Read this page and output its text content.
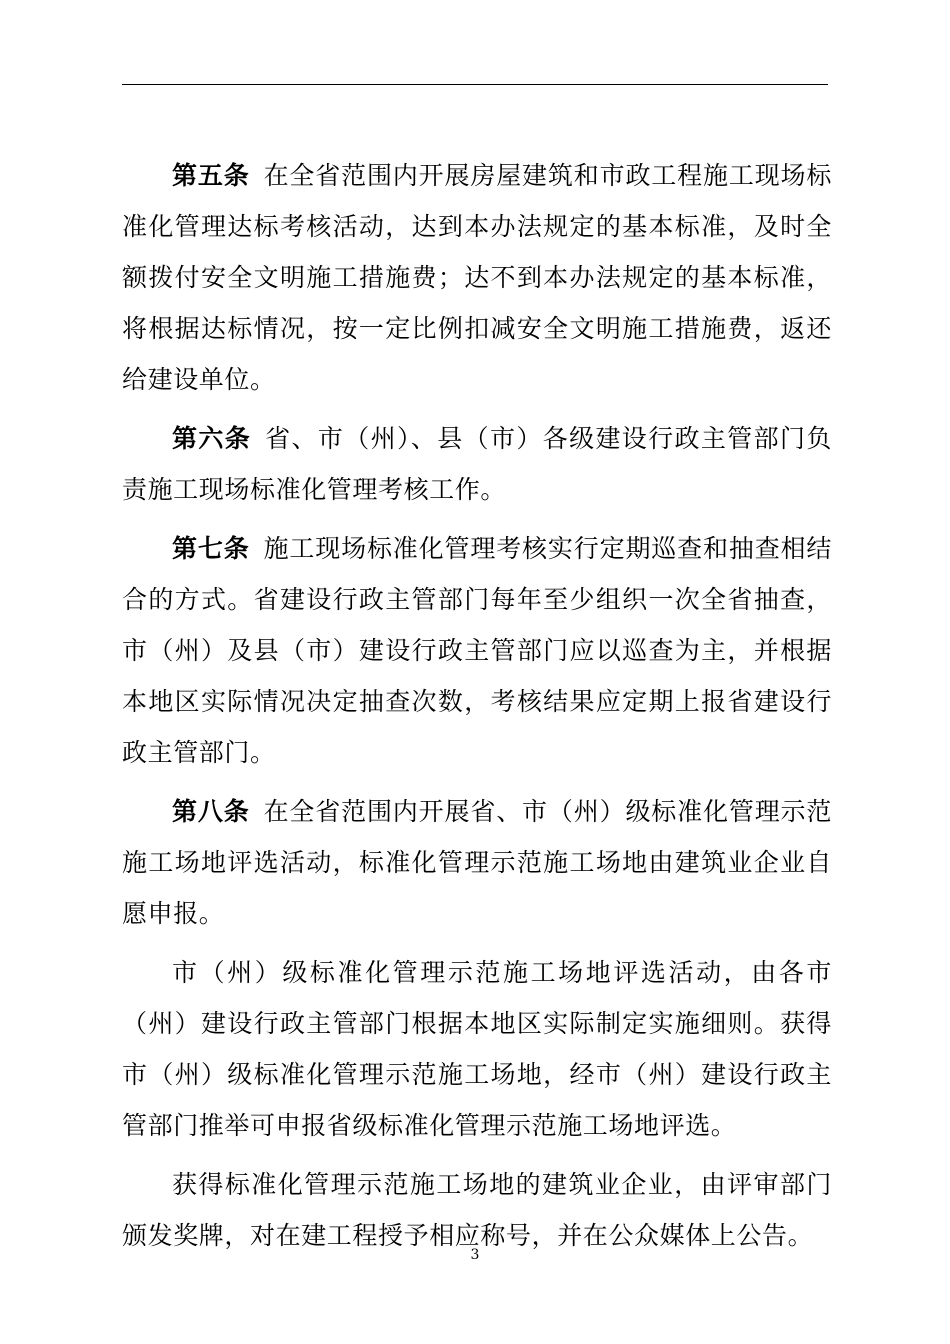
第五条 在全省范围内开展房屋建筑和市政工程施工现场标准化管理达标考核活动，达到本办法规定的基本标准，及时全额拨付安全文明施工措施费；达不到本办法规定的基本标准，将根据达标情况，按一定比例扣减安全文明施工措施费，返还给建设单位。

第六条 省、市（州）、县（市）各级建设行政主管部门负责施工现场标准化管理考核工作。

第七条 施工现场标准化管理考核实行定期巡查和抽查相结合的方式。省建设行政主管部门每年至少组织一次全省抽查，市（州）及县（市）建设行政主管部门应以巡查为主，并根据本地区实际情况决定抽查次数，考核结果应定期上报省建设行政主管部门。

第八条 在全省范围内开展省、市（州）级标准化管理示范施工场地评选活动，标准化管理示范施工场地由建筑业企业自愿申报。

市（州）级标准化管理示范施工场地评选活动，由各市（州）建设行政主管部门根据本地区实际制定实施细则。获得市（州）级标准化管理示范施工场地，经市（州）建设行政主管部门推举可申报省级标准化管理示范施工场地评选。

获得标准化管理示范施工场地的建筑业企业，由评审部门颁发奖牌，对在建工程授予相应称号，并在公众媒体上公告。

3
